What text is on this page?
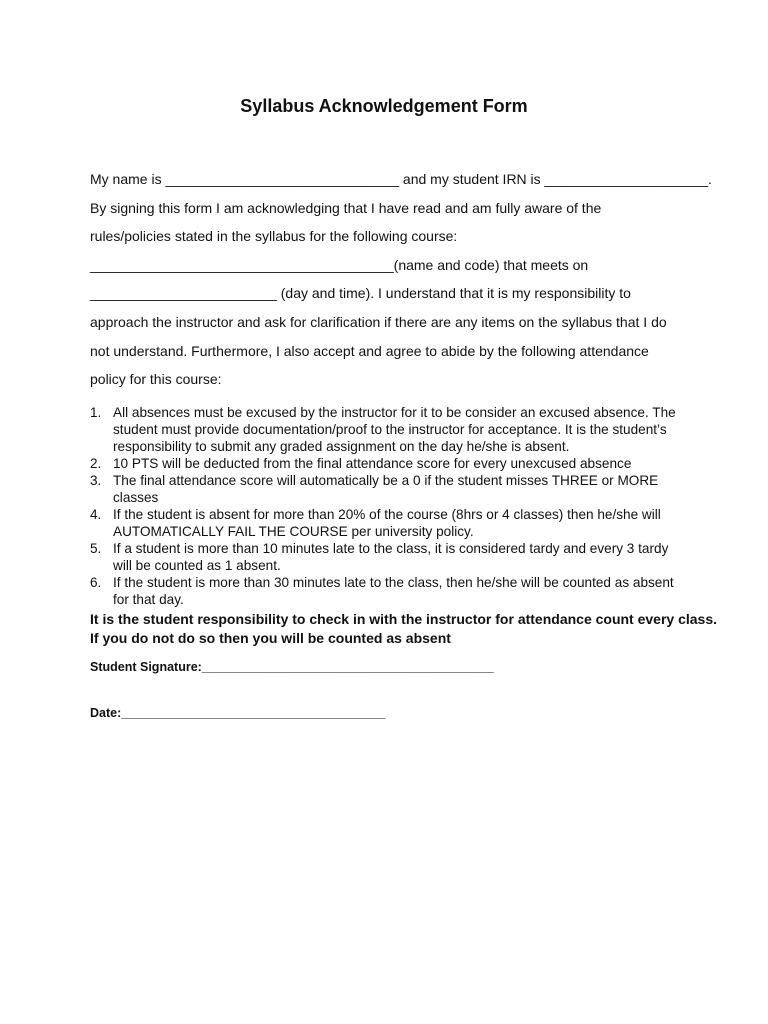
Syllabus Acknowledgement Form
My name is ______________________________ and my student IRN is _____________________.
By signing this form I am acknowledging that I have read and am fully aware of the
rules/policies stated in the syllabus for the following course:
_______________________________________(name and code) that meets on
________________________ (day and time). I understand that it is my responsibility to
approach the instructor and ask for clarification if there are any items on the syllabus that I do
not understand. Furthermore, I also accept and agree to abide by the following attendance
policy for this course:
1. All absences must be excused by the instructor for it to be consider an excused absence. The student must provide documentation/proof to the instructor for acceptance. It is the student’s responsibility to submit any graded assignment on the day he/she is absent.
2. 10 PTS will be deducted from the final attendance score for every unexcused absence
3. The final attendance score will automatically be a 0 if the student misses THREE or MORE classes
4. If the student is absent for more than 20% of the course (8hrs or 4 classes) then he/she will AUTOMATICALLY FAIL THE COURSE per university policy.
5. If a student is more than 10 minutes late to the class, it is considered tardy and every 3 tardy will be counted as 1 absent.
6. If the student is more than 30 minutes late to the class, then he/she will be counted as absent for that day.
It is the student responsibility to check in with the instructor for attendance count every class.
If you do not do so then you will be counted as absent
Student Signature:__________________________________________
Date:______________________________________
